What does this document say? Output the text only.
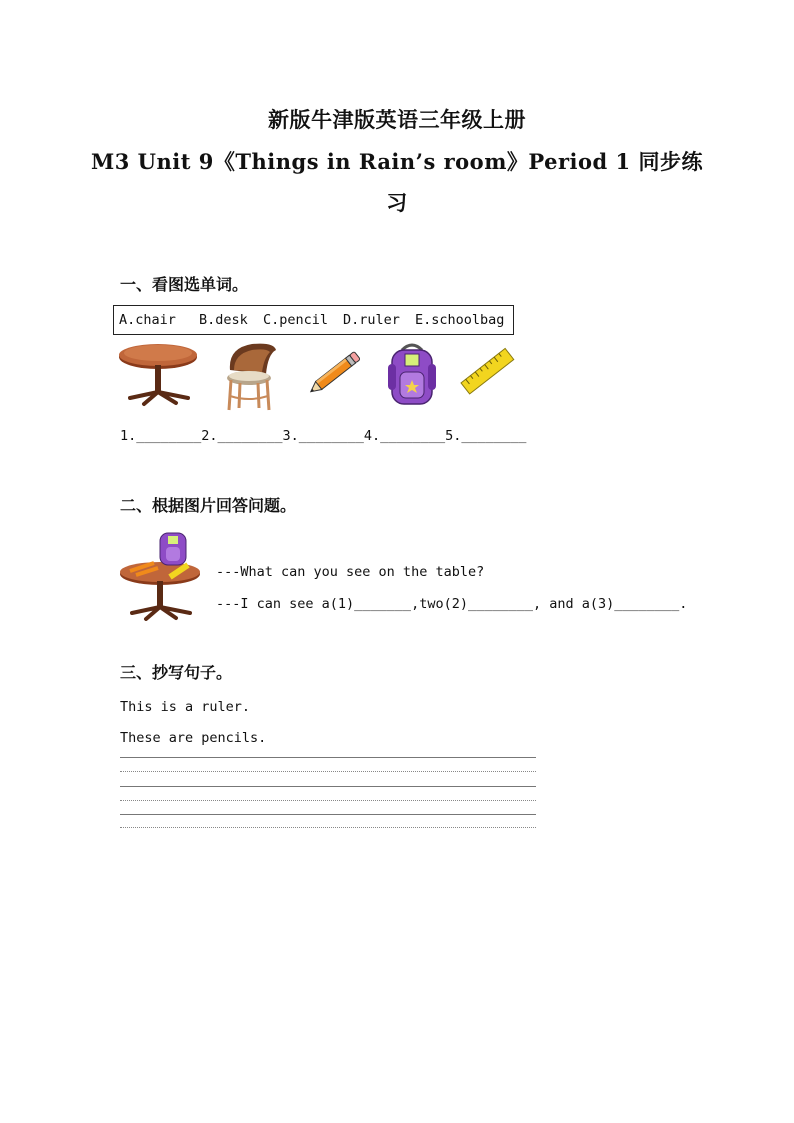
新版牛津版英语三年级上册
M3 Unit 9《Things in Rain’s room》Period 1 同步练
习
一、看图选单词。
A.chair B.desk C.pencil D.ruler E.schoolbag
1.________2.________3.________4.________5.________
二、根据图片回答问题。
---What can you see on the table?
---I can see a(1)_______,two(2)________, and a(3)________.
三、抄写句子。
This is a ruler.
These are pencils.
